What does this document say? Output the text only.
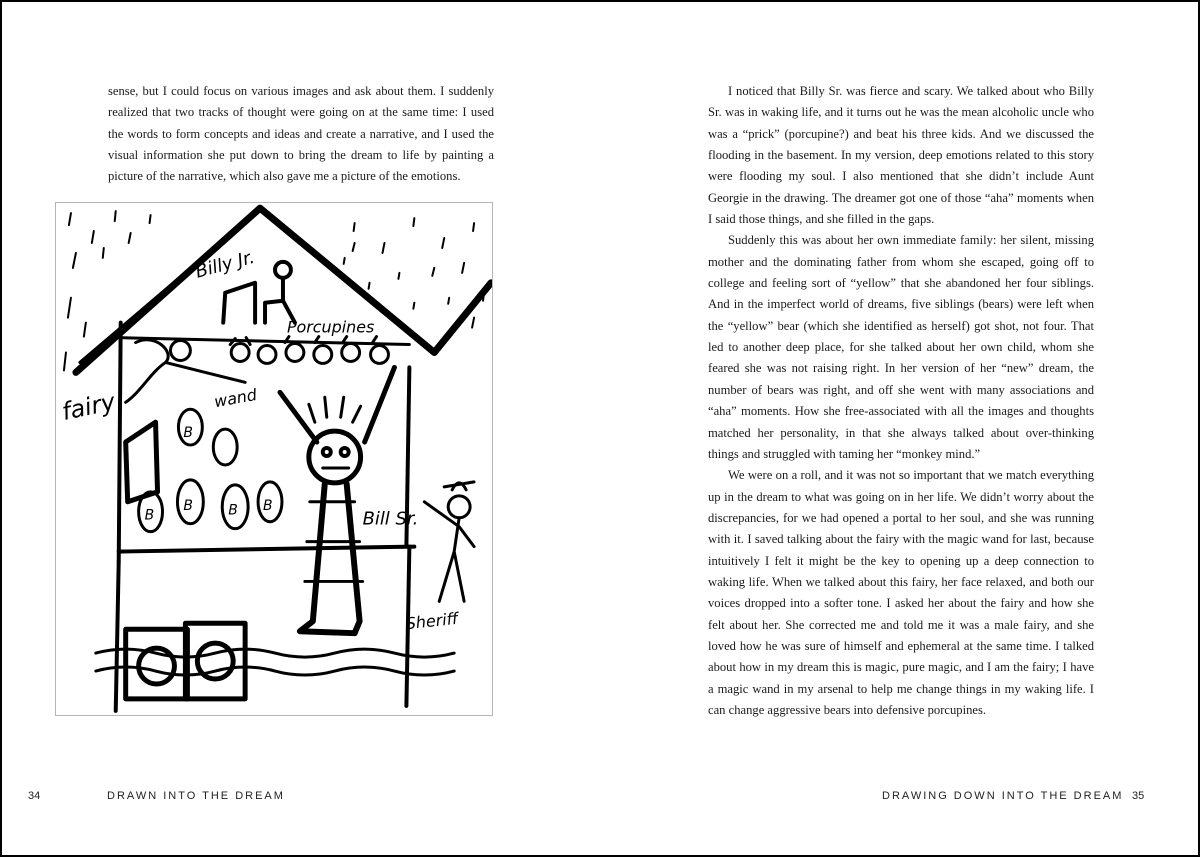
sense, but I could focus on various images and ask about them. I suddenly realized that two tracks of thought were going on at the same time: I used the words to form concepts and ideas and create a narrative, and I used the visual information she put down to bring the dream to life by painting a picture of the narrative, which also gave me a picture of the emotions.

Billy Jr.
Porcupines
fairy	wand
B
B
B	B B
Bill Sr.
Sheriff
34	DRAWN INTO THE DREAM

I noticed that Billy Sr. was fierce and scary. We talked about who Billy Sr. was in waking life, and it turns out he was the mean alcoholic uncle who was a “prick” (porcupine?) and beat his three kids. And we discussed the flooding in the basement. In my version, deep emotions related to this story were flooding my soul. I also mentioned that she didn’t include Aunt Georgie in the drawing. The dreamer got one of those “aha” moments when I said those things, and she filled in the gaps.

Suddenly this was about her own immediate family: her silent, missing mother and the dominating father from whom she escaped, going off to college and feeling sort of “yellow” that she abandoned her four siblings. And in the imperfect world of dreams, five siblings (bears) were left when the “yellow” bear (which she identified as herself) got shot, not four. That led to another deep place, for she talked about her own child, whom she feared she was not raising right. In her version of her “new” dream, the number of bears was right, and off she went with many associations and “aha” moments. How she free-associated with all the images and thoughts matched her personality, in that she always talked about over-thinking things and struggled with taming her “monkey mind.”

We were on a roll, and it was not so important that we match everything up in the dream to what was going on in her life. We didn’t worry about the discrepancies, for we had opened a portal to her soul, and she was running with it. I saved talking about the fairy with the magic wand for last, because intuitively I felt it might be the key to opening up a deep connection to waking life. When we talked about this fairy, her face relaxed, and both our voices dropped into a softer tone. I asked her about the fairy and how she felt about her. She corrected me and told me it was a male fairy, and she loved how he was sure of himself and ephemeral at the same time. I talked about how in my dream this is magic, pure magic, and I am the fairy; I have a magic wand in my arsenal to help me change things in my waking life. I can change aggressive bears into defensive porcupines.

DRAWING DOWN INTO THE DREAM 35
